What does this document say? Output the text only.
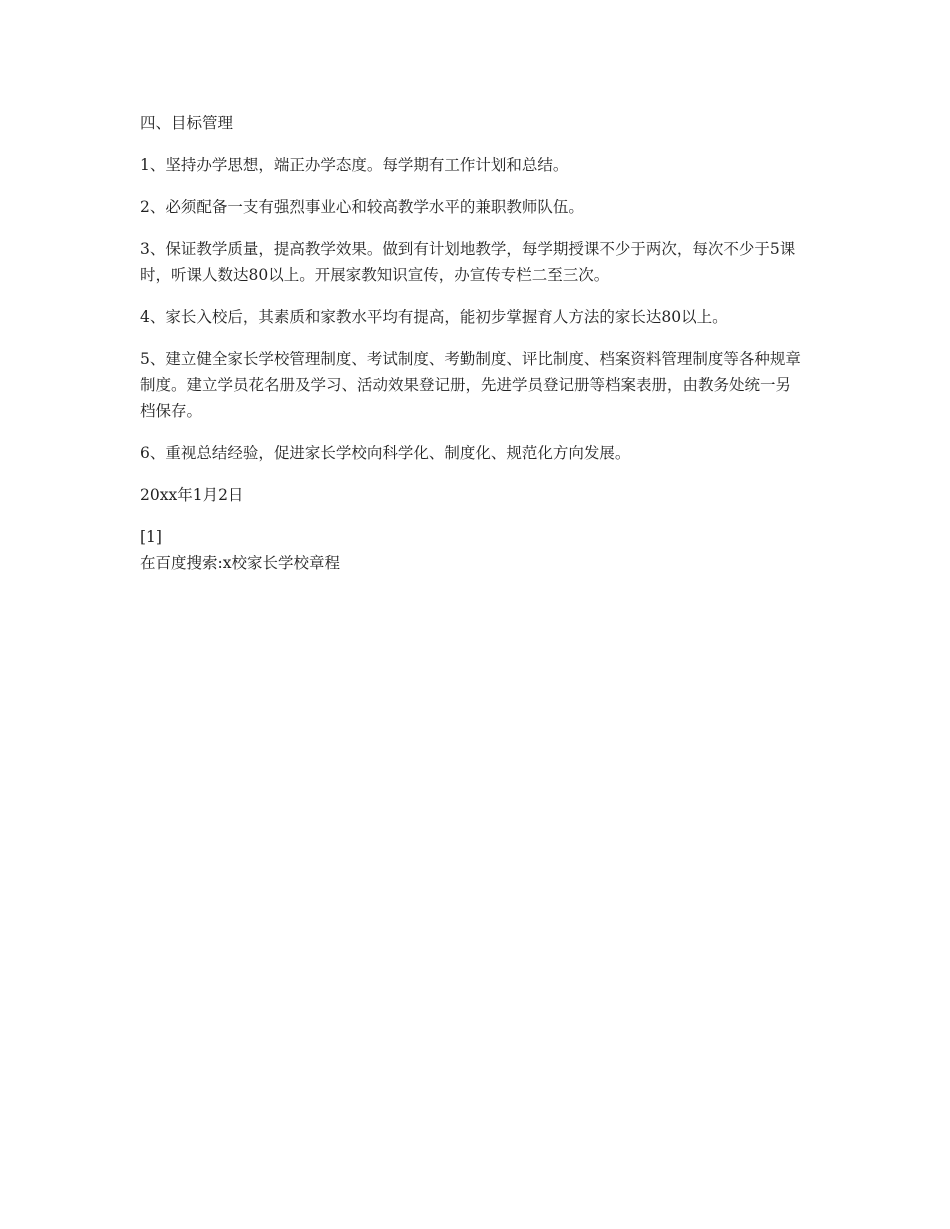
四、目标管理

1、坚持办学思想，端正办学态度。每学期有工作计划和总结。

2、必须配备一支有强烈事业心和较高教学水平的兼职教师队伍。

3、保证教学质量，提高教学效果。做到有计划地教学，每学期授课不少于两次，每次不少于5课时，听课人数达80以上。开展家教知识宣传，办宣传专栏二至三次。

4、家长入校后，其素质和家教水平均有提高，能初步掌握育人方法的家长达80以上。

5、建立健全家长学校管理制度、考试制度、考勤制度、评比制度、档案资料管理制度等各种规章制度。建立学员花名册及学习、活动效果登记册，先进学员登记册等档案表册，由教务处统一另档保存。

6、重视总结经验，促进家长学校向科学化、制度化、规范化方向发展。

20xx年1月2日

[1]

在百度搜索:x校家长学校章程
